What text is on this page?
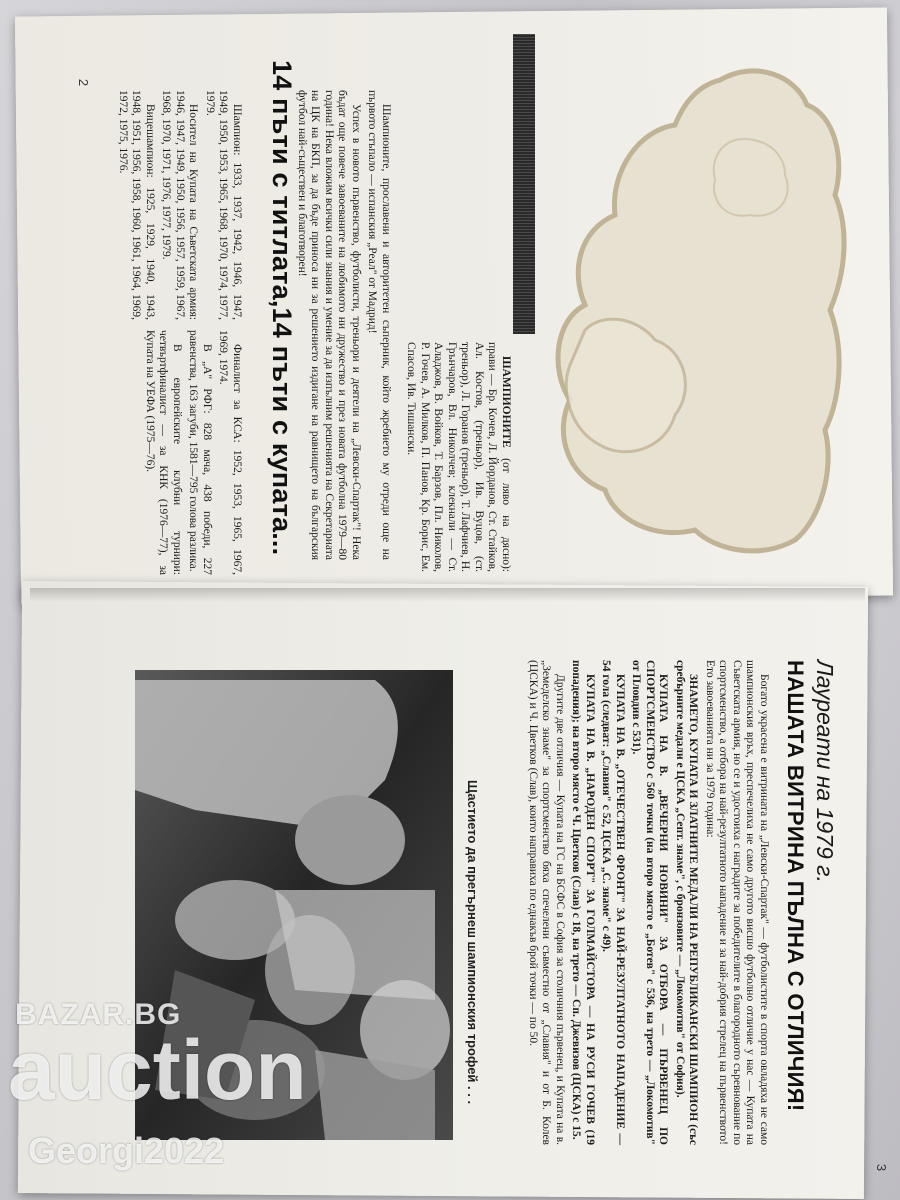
14 пъти с титлата,14 пъти с купата...	ШАМПИОНИТЕ (от ляво на дясно): прави — Бр. Кочев, Л. Йорданов, Ст. Стайков, Ал. Костов, (треньор), Ив. Вуцов, (ст. треньор), Л. Горанов (треньор), Т. Лафчиев, Н. Грънчаров, Вл. Николчев; клекнали — Ст. Аладжов, В. Войков, Т. Барзов, Пл. Николов, Р. Гочев, А. Милков, П. Панов, Кр. Борис, Ем. Спасов, Ив. Тишански.

Шампионите, прославени и авторитетен съперник, който жребието му отреди още на първото стъпало — испанския „Реал" от Мадрид!

Успех в новото първенство, футболисти, треньори и деятели на „Левски-Спартак"! Нека бъдат още повече завоеваните на любимото ни дружество и през новата футболна 1979—80 година! Нека вложим всички сили знания и умение за да изпълним решенията на Секретариата на ЦК на БКП, за да бъде приноса ни за решението издигане на равнището на българския футбол най-съществен и благотворен!

Шампион: 1933, 1937, 1942, 1946, 1947, 1949, 1950, 1953, 1965, 1968, 1970, 1974, 1977, 1979.

Носител на Купата на Съветската армия: 1946, 1947, 1949, 1950, 1956, 1957, 1959, 1967, 1968, 1970, 1971, 1976, 1977, 1979.

Вицешампион: 1925, 1929, 1940, 1943, 1948, 1951, 1956, 1958, 1960, 1961, 1964, 1969, 1972, 1975, 1976.

Финалист за КСА: 1952, 1953, 1965, 1967, 1969, 1974.

В „А" РФГ: 828 мача, 438 победи, 227 равенства, 163 загуби, 1581—795 голова разлика.

В европейските клубни турнири: четвъртфиналист — за КНК (1976—77), за Купата на УЕФА (1975—76).

2
Лауреати на 1979 г.
НАШАТА ВИТРИНА ПЪЛНА С ОТЛИЧИЯ!

Богато украсена е витрината на „Левски-Спартак" — футболистите в спорта овладяха не само шампионския връх, преспечелиха не само другото висшо футболно отличие у нас — Купата на Съветската армия, но се и удостоиха с наградите за победителите в благородното съревнование по спортсменство, а отбора на най-резултатното нападение и за най-добрия стрелец на първенството! Ето завоеванията ни за 1979 година:

ЗНАМЕТО, КУПАТА И ЗЛАТНИТЕ МЕДАЛИ НА РЕПУБЛИКАНСКИ ШАМПИОН (със сребърните медали е ЦСКА „Септ. знаме", с бронзовите — „Локомотив" от София).

КУПАТА НА В. „ВЕЧЕРНИ НОВИНИ" ЗА ОТБОРА — ПЪРВЕНЕЦ ПО СПОРТСМЕНСТВО с 560 точки (на второ място е „Ботев" с 536, на трето — „Локомотив" от Пловдив с 531).

КУПАТА НА В. „ОТЕЧЕСТВЕН ФРОНТ" ЗА НАЙ-РЕЗУЛТАТНОТО НАПАДЕНИЕ — 54 гола (следват: „Славия" с 52, ЦСКА „С. знаме" с 49).

КУПАТА НА В. „НАРОДЕН СПОРТ" ЗА ГОЛМАЙСТОРА — НА РУСИ ГОЧЕВ (19 попадения); на второ място е Ч. Цветков (Слав) с 18, на трето — Сп. Джевизов (ЦСКА) с 15.

Другите две отличия — Купата на ГС на БСФС в София за столичния първенец, и Купата на в. „Земеделско знаме" за спортсменство бяха спечелени съвместно от „Славия" и от Б. Колев (ЦСКА) и Ч. Цветков (Слав), които направиха по еднакъв брой точки — по 50.

Щастието да прегърнеш шампионския трофей . . .
3
BAZAR.BG
auction
Georgi2022
